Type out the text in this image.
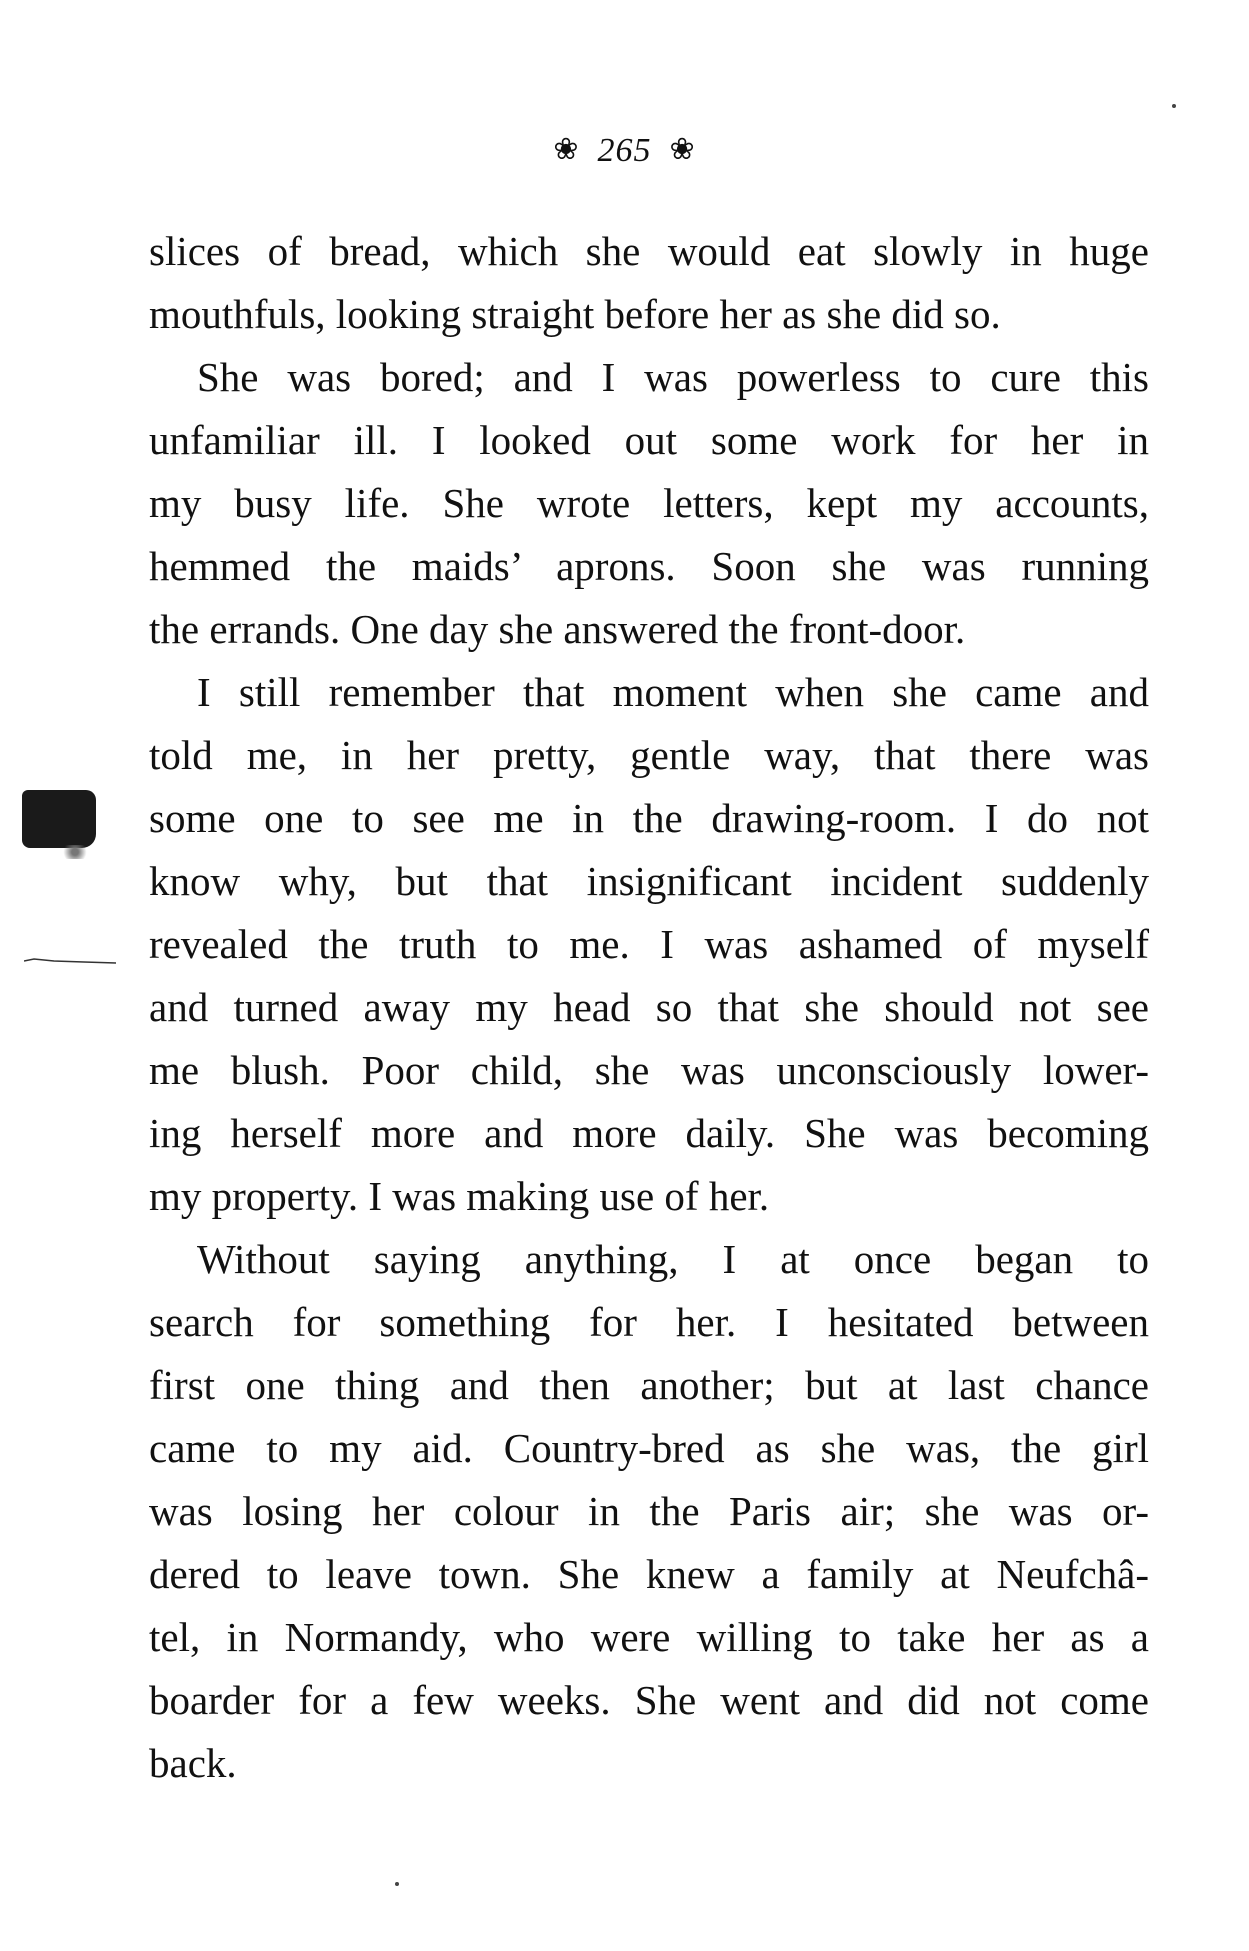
❀ 265 ❀
slices of bread, which she would eat slowly in huge
mouthfuls, looking straight before her as she did so.
She was bored; and I was powerless to cure this
unfamiliar ill. I looked out some work for her in
my busy life. She wrote letters, kept my accounts,
hemmed the maids’ aprons. Soon she was running
the errands. One day she answered the front-door.
I still remember that moment when she came and
told me, in her pretty, gentle way, that there was
some one to see me in the drawing-room. I do not
know why, but that insignificant incident suddenly
revealed the truth to me. I was ashamed of myself
and turned away my head so that she should not see
me blush. Poor child, she was unconsciously lower-
ing herself more and more daily. She was becoming
my property. I was making use of her.
Without saying anything, I at once began to
search for something for her. I hesitated between
first one thing and then another; but at last chance
came to my aid. Country-bred as she was, the girl
was losing her colour in the Paris air; she was or-
dered to leave town. She knew a family at Neufchâ-
tel, in Normandy, who were willing to take her as a
boarder for a few weeks. She went and did not come
back.
